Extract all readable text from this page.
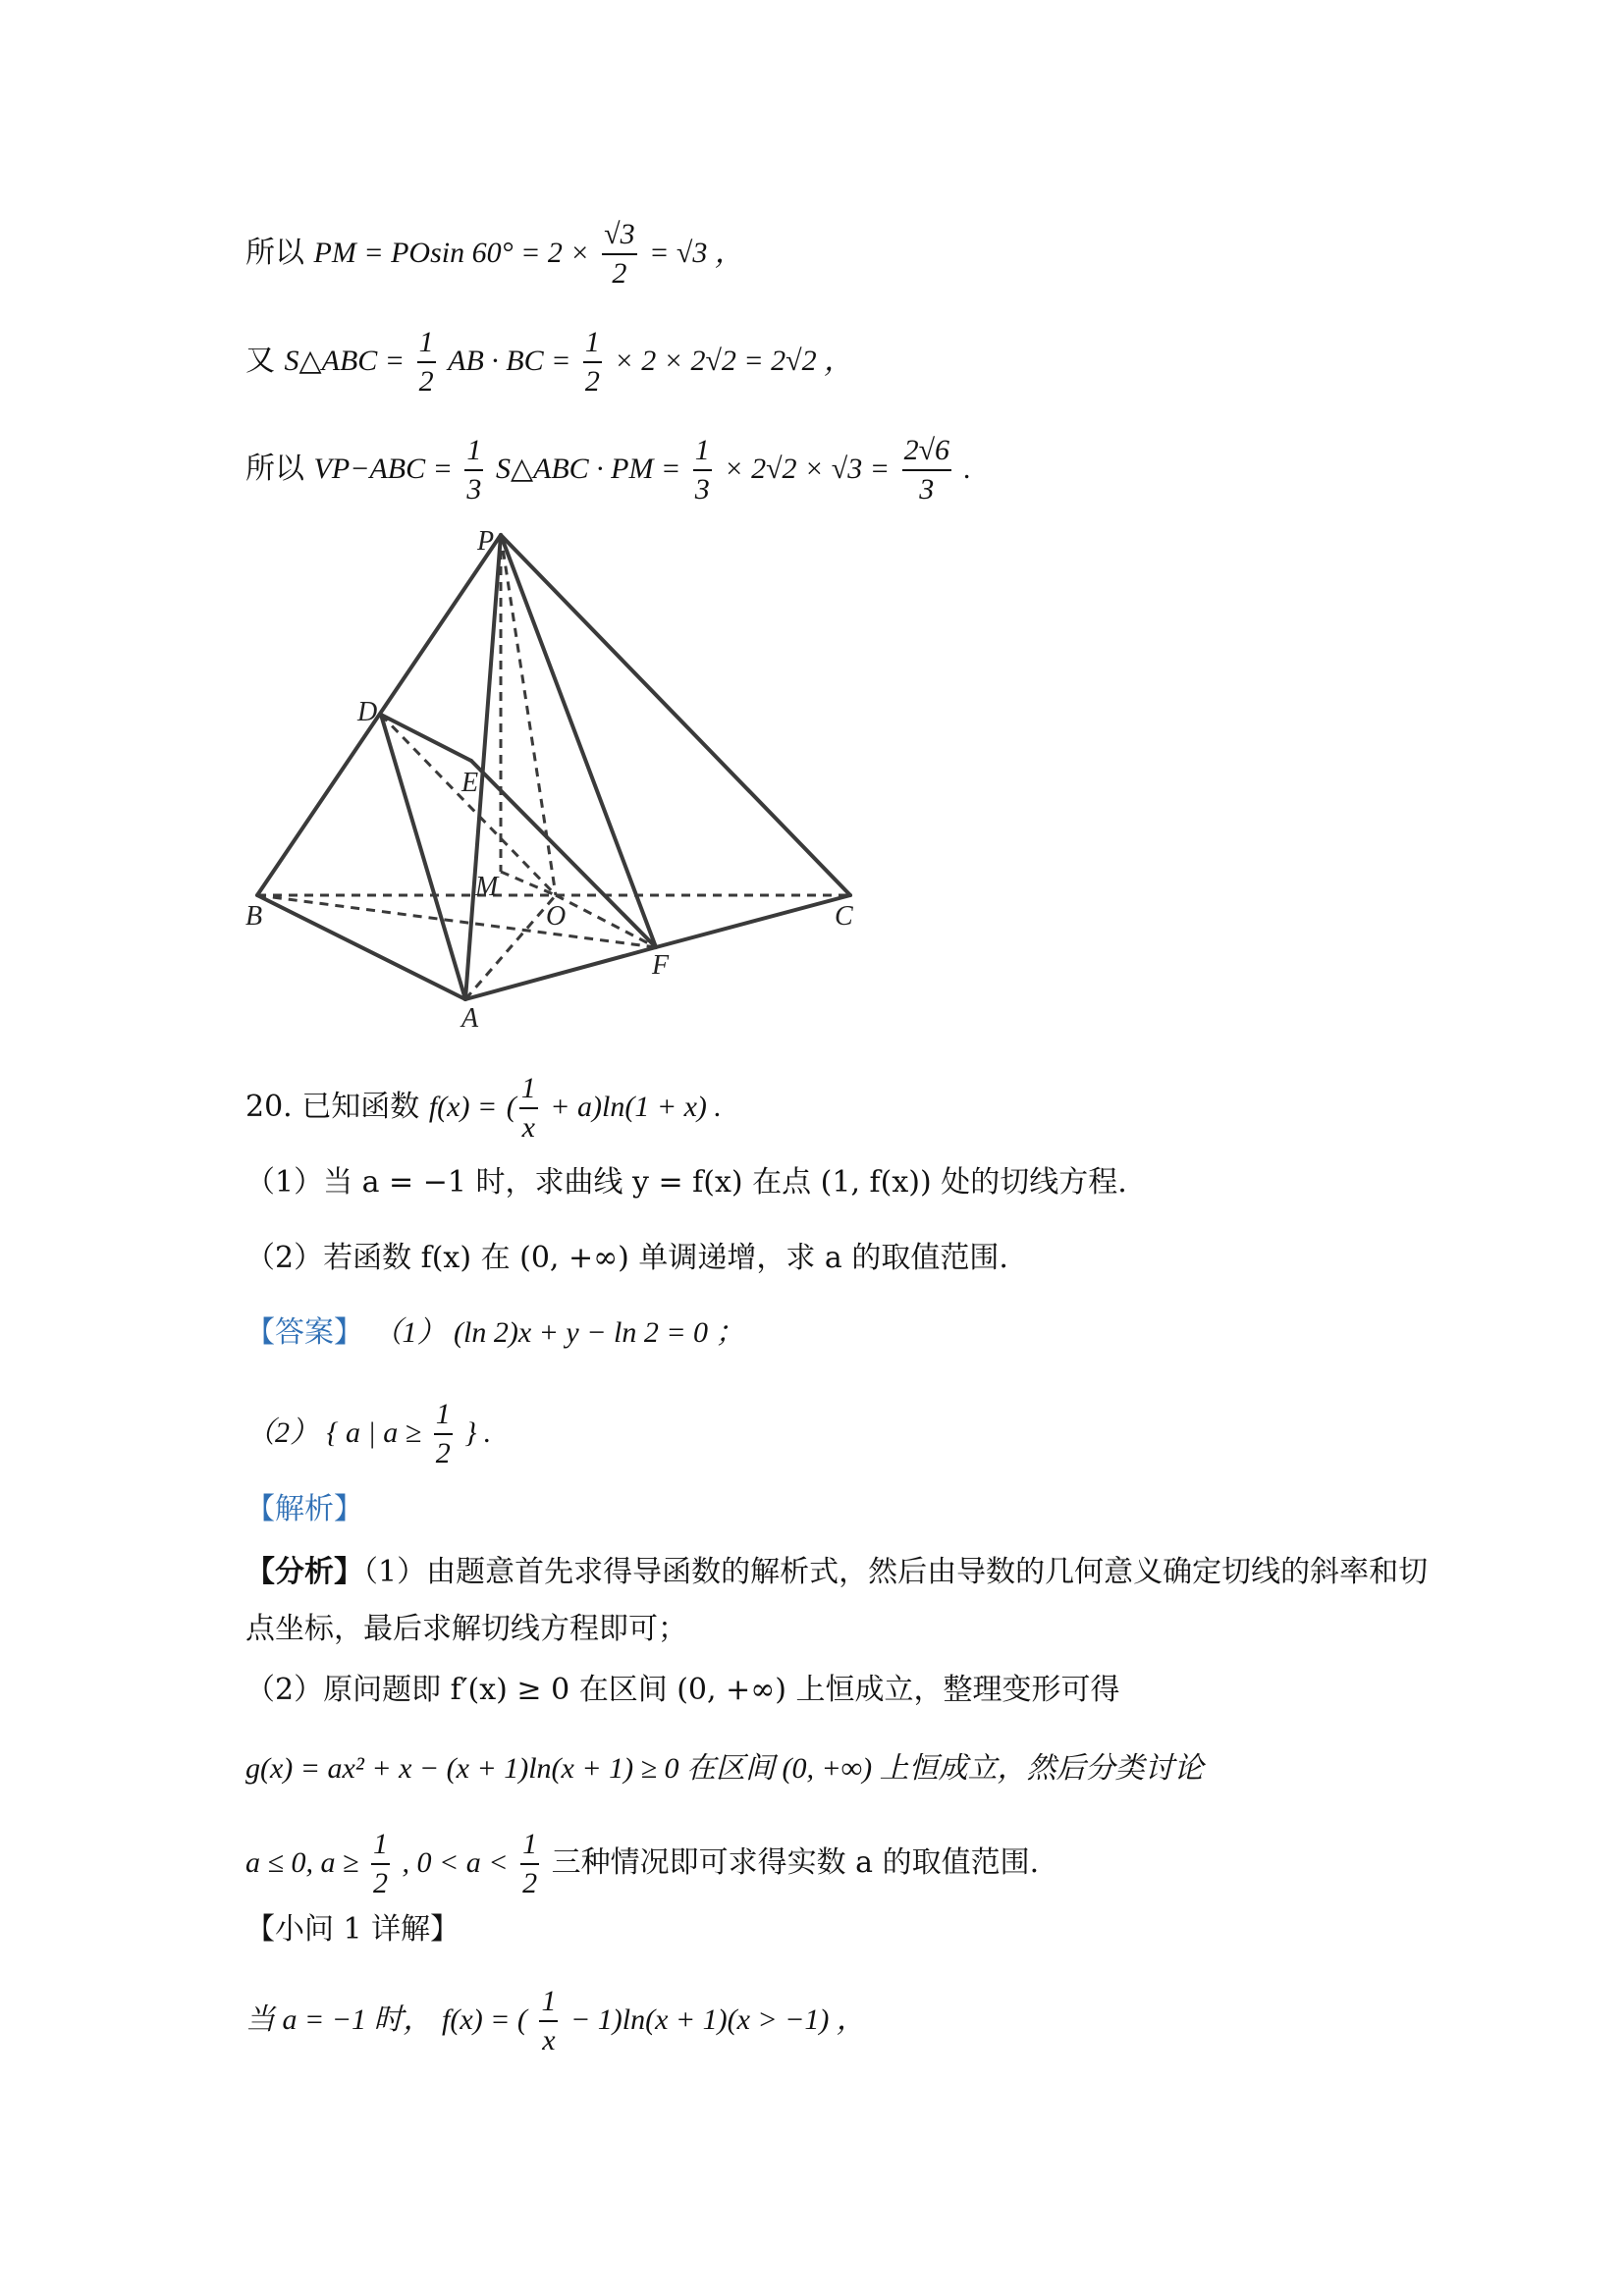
所以 PM = POsin $60^\circ = 2 \times \frac{√3}{2} = √3$ ，
又 S△ABC = $\frac{1}{2}$ AB · BC = $\frac{1}{2} \times 2 \times 2√2 = 2√2$ ，
所以 $VP-ABC = \frac{1}{3}$ S△ABC · PM = $\frac{1}{3} \times 2√2 \times √3 = \frac{2√6}{3}$ .
P
D
E
M
O
B	C
F
A
20. 已知函数 f(x) = ( $\frac{1}{x} + a)\ln(1 + x)$ .
（1）当 a = −1 时，求曲线 y = f(x) 在点 (1, f(x)) 处的切线方程.
（2）若函数 f(x) 在 (0, +∞) 单调递增，求 a 的取值范围.
【答案】 （1） (ln 2)x + y − ln 2 = 0 ；
（2） { a | $a \ge \frac{1}{2}$ } .
【解析】
【分析】（1）由题意首先求得导函数的解析式，然后由导数的几何意义确定切线的斜率和切
点坐标，最后求解切线方程即可；
（2）原问题即 f′(x) ≥ 0 在区间 (0, +∞) 上恒成立，整理变形可得
g(x) = ax² + x − (x + 1)ln(x + 1) ≥ 0 在区间 (0, +∞) 上恒成立，然后分类讨论
a ≤ 0, $a \ge \frac{1}{2}$ , $0 < a < \frac{1}{2}$ 三种情况即可求得实数 a 的取值范围.
【小问 1 详解】
当 a = −1 时， f(x) = ( $\frac{1}{x} - 1)\ln(x + 1)(x > -1)$ ，
